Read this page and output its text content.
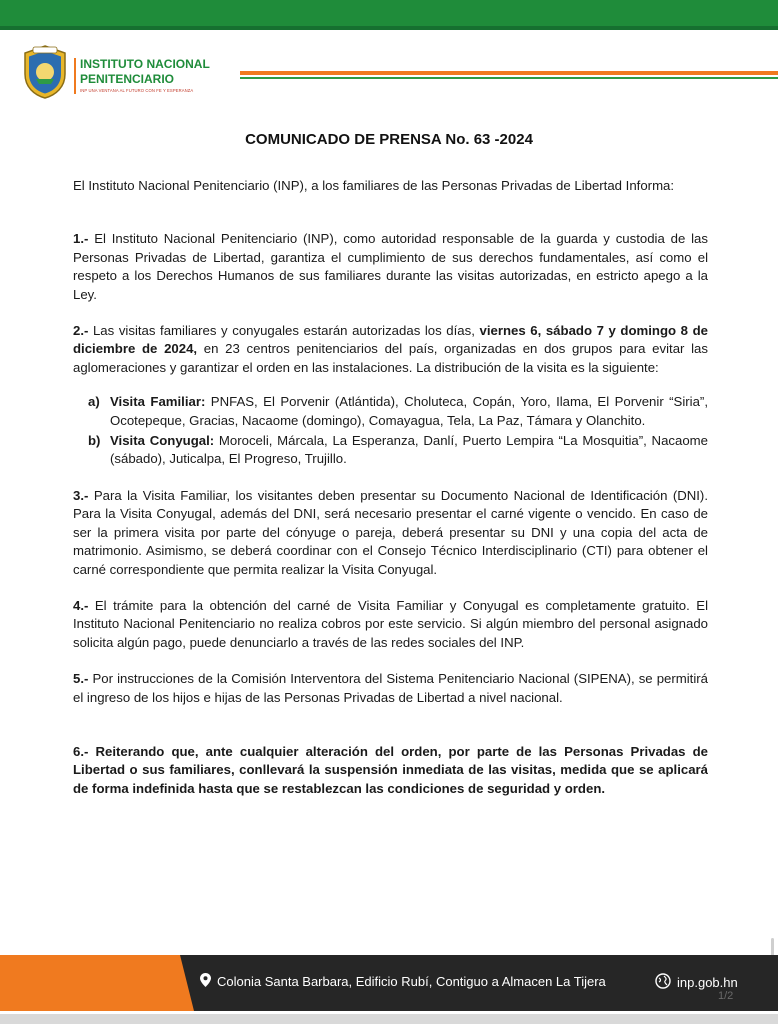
INSTITUTO NACIONAL
PENITENCIARIO
INP UNA VENTANA AL FUTURO CON FE Y ESPERANZA
COMUNICADO DE PRENSA No. 63 -2024

El Instituto Nacional Penitenciario (INP), a los familiares de las Personas Privadas de Libertad Informa:

1.- El Instituto Nacional Penitenciario (INP), como autoridad responsable de la guarda y custodia de las Personas Privadas de Libertad, garantiza el cumplimiento de sus derechos fundamentales, así como el respeto a los Derechos Humanos de sus familiares durante las visitas autorizadas, en estricto apego a la Ley.

2.- Las visitas familiares y conyugales estarán autorizadas los días, viernes 6, sábado 7 y domingo 8 de diciembre de 2024, en 23 centros penitenciarios del país, organizadas en dos grupos para evitar las aglomeraciones y garantizar el orden en las instalaciones. La distribución de la visita es la siguiente:

a) Visita Familiar: PNFAS, El Porvenir (Atlántida), Choluteca, Copán, Yoro, Ilama, El Porvenir “Siria”, Ocotepeque, Gracias, Nacaome (domingo), Comayagua, Tela, La Paz, Támara y Olanchito.
b) Visita Conyugal: Moroceli, Márcala, La Esperanza, Danlí, Puerto Lempira “La Mosquitia”, Nacaome (sábado), Juticalpa, El Progreso, Trujillo.

3.- Para la Visita Familiar, los visitantes deben presentar su Documento Nacional de Identificación (DNI). Para la Visita Conyugal, además del DNI, será necesario presentar el carné vigente o vencido. En caso de ser la primera visita por parte del cónyuge o pareja, deberá presentar su DNI y una copia del acta de matrimonio. Asimismo, se deberá coordinar con el Consejo Técnico Interdisciplinario (CTI) para obtener el carné correspondiente que permita realizar la Visita Conyugal.

4.- El trámite para la obtención del carné de Visita Familiar y Conyugal es completamente gratuito. El Instituto Nacional Penitenciario no realiza cobros por este servicio. Si algún miembro del personal asignado solicita algún pago, puede denunciarlo a través de las redes sociales del INP.

5.- Por instrucciones de la Comisión Interventora del Sistema Penitenciario Nacional (SIPENA), se permitirá el ingreso de los hijos e hijas de las Personas Privadas de Libertad a nivel nacional.

6.- Reiterando que, ante cualquier alteración del orden, por parte de las Personas Privadas de Libertad o sus familiares, conllevará la suspensión inmediata de las visitas, medida que se aplicará de forma indefinida hasta que se restablezcan las condiciones de seguridad y orden.

Colonia Santa Barbara, Edificio Rubí, Contiguo a Almacen La Tijera	inp.gob.hn
1/2
